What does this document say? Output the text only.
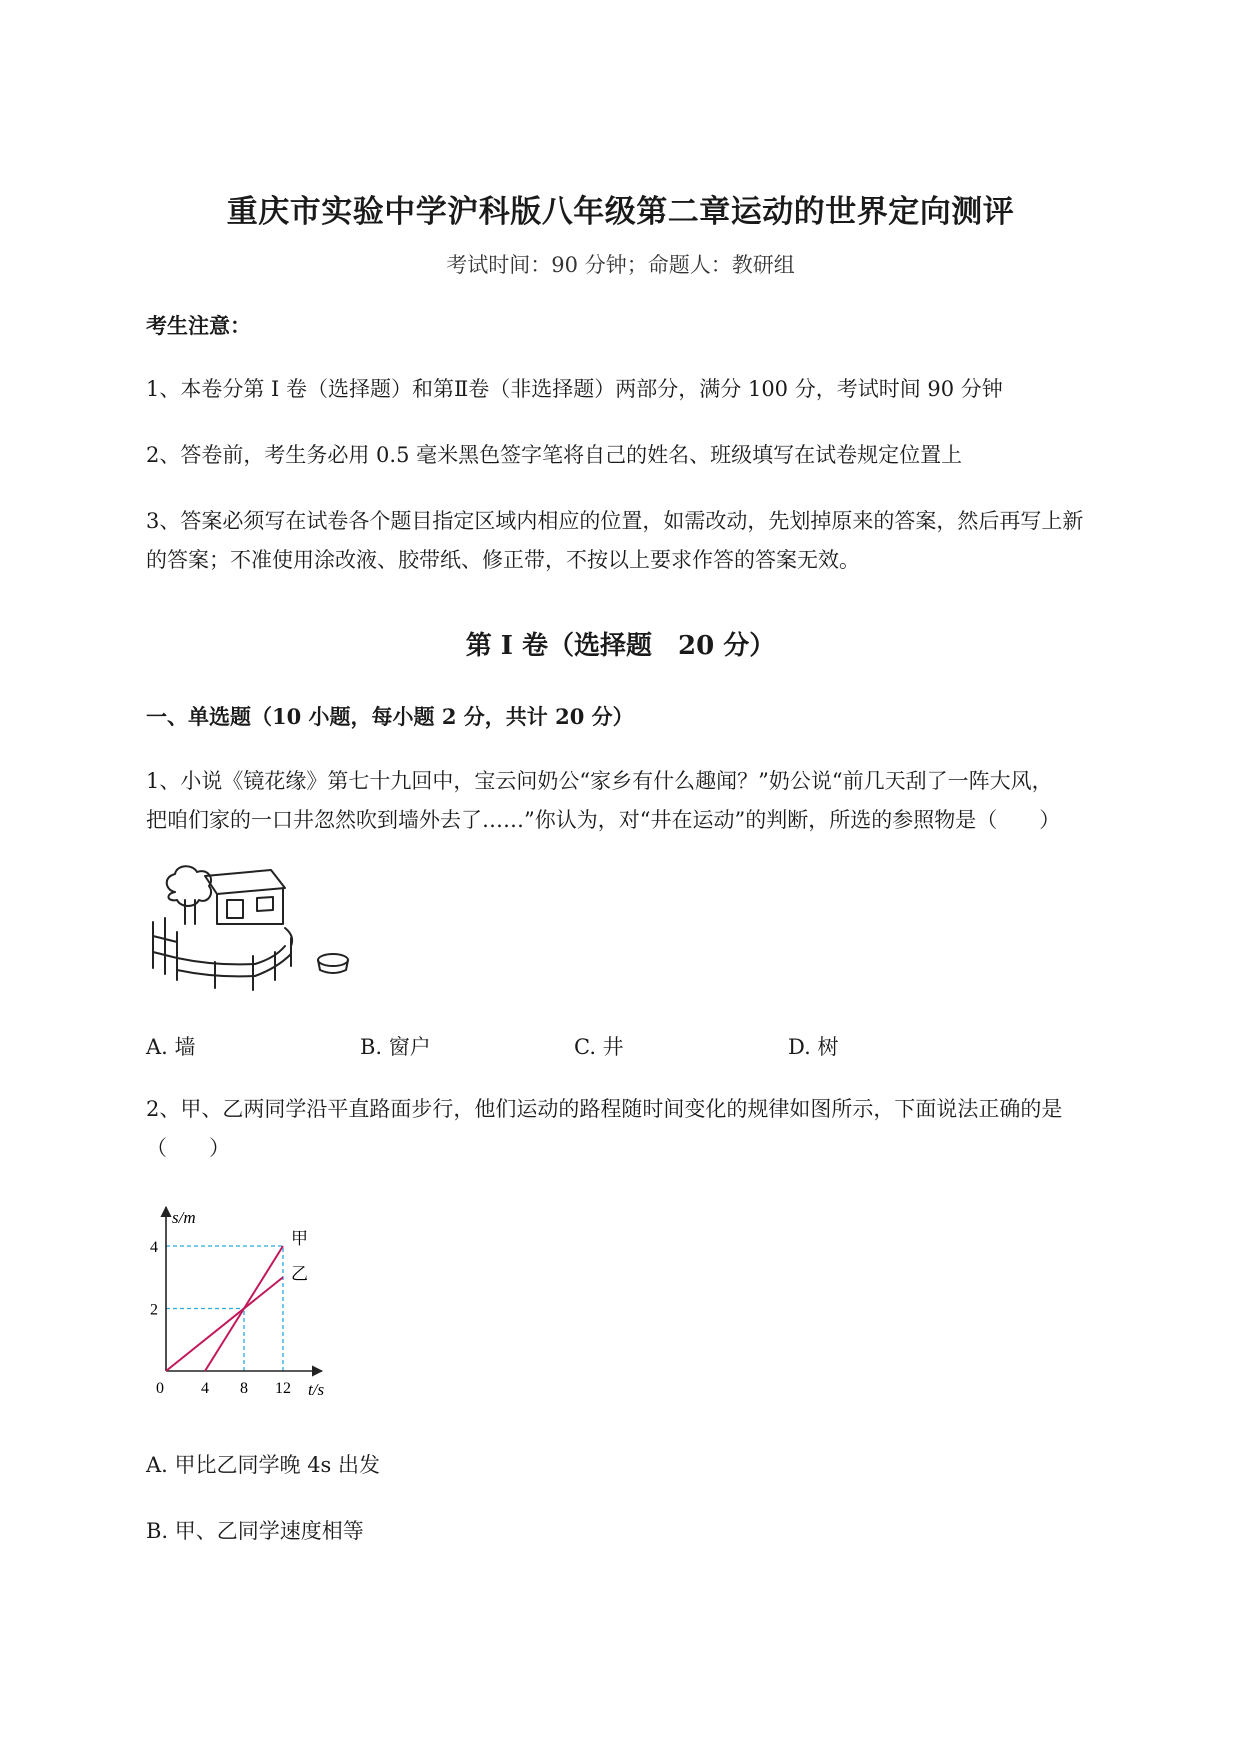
重庆市实验中学沪科版八年级第二章运动的世界定向测评
考试时间：90 分钟；命题人：教研组
考生注意：
1、本卷分第 I 卷（选择题）和第Ⅱ卷（非选择题）两部分，满分 100 分，考试时间 90 分钟
2、答卷前，考生务必用 0.5 毫米黑色签字笔将自己的姓名、班级填写在试卷规定位置上
3、答案必须写在试卷各个题目指定区域内相应的位置，如需改动，先划掉原来的答案，然后再写上新
的答案；不准使用涂改液、胶带纸、修正带，不按以上要求作答的答案无效。
第 I 卷（选择题　20 分）
一、单选题（10 小题，每小题 2 分，共计 20 分）
1、小说《镜花缘》第七十九回中，宝云问奶公“家乡有什么趣闻？”奶公说“前几天刮了一阵大风，
把咱们家的一口井忽然吹到墙外去了……”你认为，对“井在运动”的判断，所选的参照物是（　　）
A. 墙	B. 窗户	C. 井	D. 树
2、甲、乙两同学沿平直路面步行，他们运动的路程随时间变化的规律如图所示，下面说法正确的是
（　　）
0 4 8 12
2
4
s/m
t/s
甲
乙
A. 甲比乙同学晚 4s 出发
B. 甲、乙同学速度相等
